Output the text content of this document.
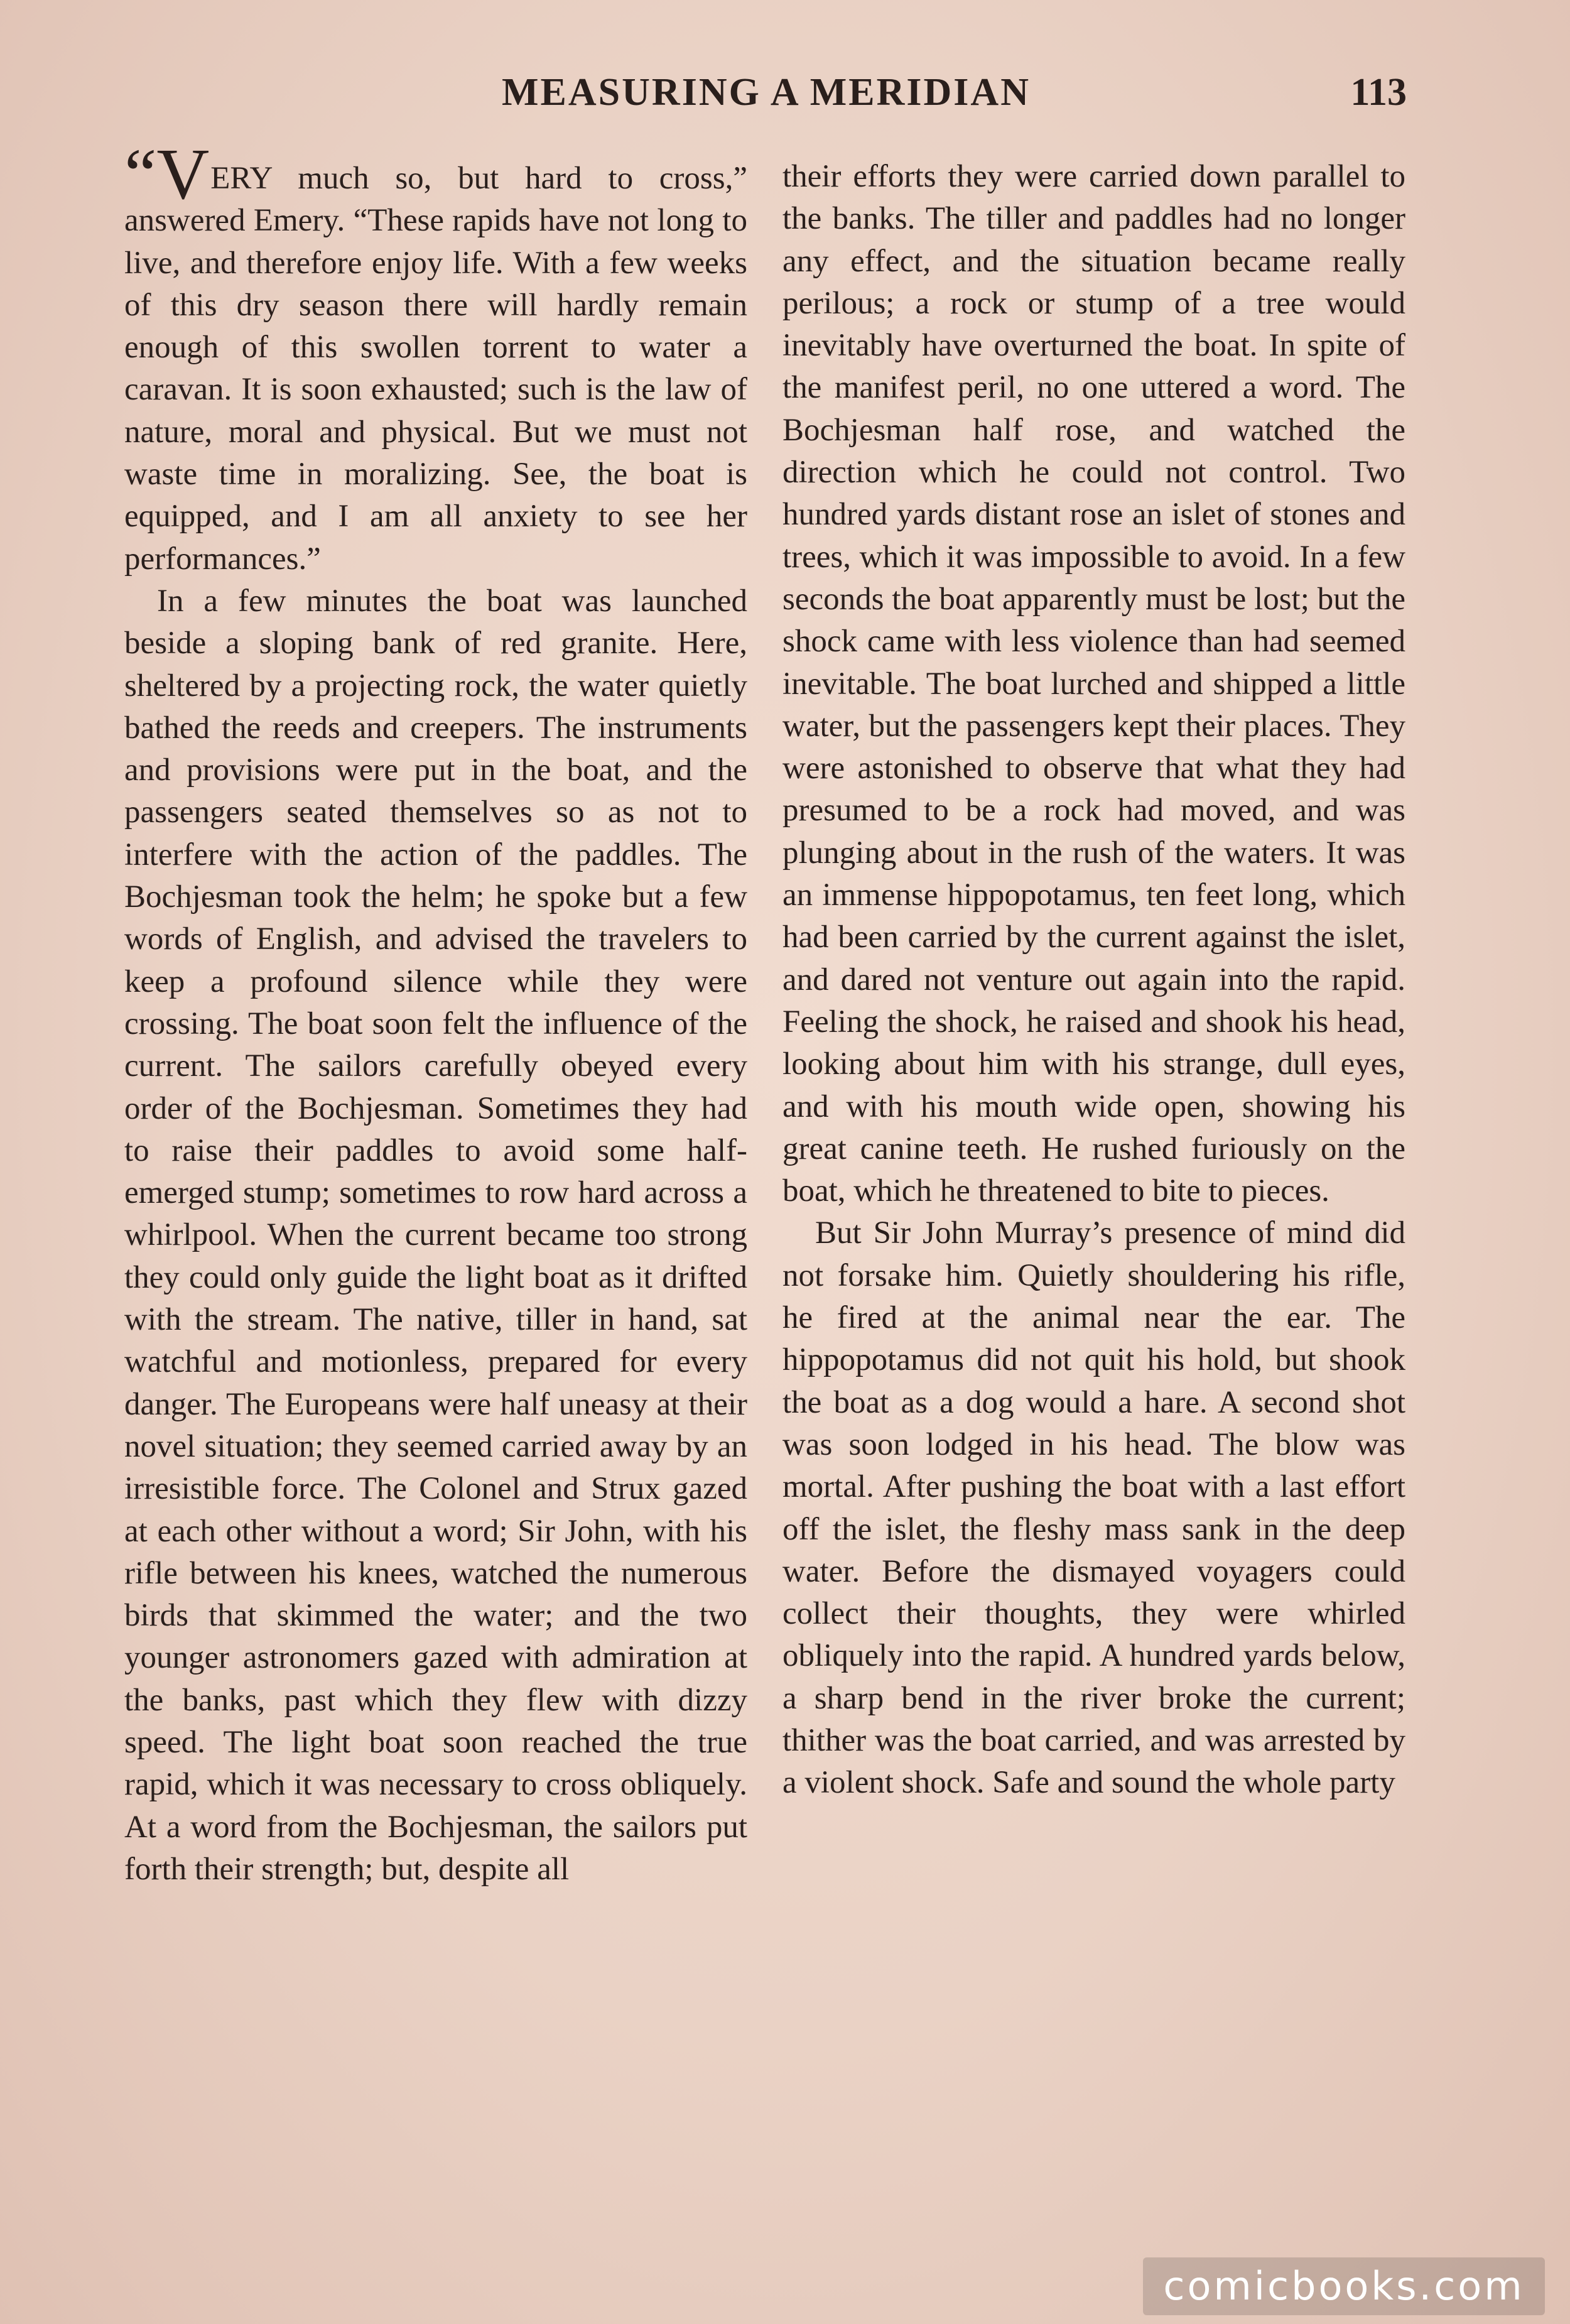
MEASURING A MERIDIAN	113

“VERY much so, but hard to cross,” answered Emery. “These rapids have not long to live, and therefore enjoy life. With a few weeks of this dry season there will hardly remain enough of this swollen torrent to water a caravan. It is soon exhausted; such is the law of nature, moral and physical. But we must not waste time in moralizing. See, the boat is equipped, and I am all anxiety to see her performances.”

In a few minutes the boat was launched beside a sloping bank of red granite. Here, sheltered by a projecting rock, the water quietly bathed the reeds and creepers. The instruments and provisions were put in the boat, and the passengers seated themselves so as not to interfere with the action of the paddles. The Bochjesman took the helm; he spoke but a few words of English, and advised the travelers to keep a profound silence while they were crossing. The boat soon felt the influence of the current. The sailors carefully obeyed every order of the Bochjesman. Sometimes they had to raise their paddles to avoid some half-emerged stump; sometimes to row hard across a whirlpool. When the current became too strong they could only guide the light boat as it drifted with the stream. The native, tiller in hand, sat watchful and motionless, prepared for every danger. The Europeans were half uneasy at their novel situation; they seemed carried away by an irresistible force. The Colonel and Strux gazed at each other without a word; Sir John, with his rifle between his knees, watched the numerous birds that skimmed the water; and the two younger astronomers gazed with admiration at the banks, past which they flew with dizzy speed. The light boat soon reached the true rapid, which it was necessary to cross obliquely. At a word from the Bochjesman, the sailors put forth their strength; but, despite all

their efforts they were carried down parallel to the banks. The tiller and paddles had no longer any effect, and the situation became really perilous; a rock or stump of a tree would inevitably have overturned the boat. In spite of the manifest peril, no one uttered a word. The Bochjesman half rose, and watched the direction which he could not control. Two hundred yards distant rose an islet of stones and trees, which it was impossible to avoid. In a few seconds the boat apparently must be lost; but the shock came with less violence than had seemed inevitable. The boat lurched and shipped a little water, but the passengers kept their places. They were astonished to observe that what they had presumed to be a rock had moved, and was plunging about in the rush of the waters. It was an immense hippopotamus, ten feet long, which had been carried by the current against the islet, and dared not venture out again into the rapid. Feeling the shock, he raised and shook his head, looking about him with his strange, dull eyes, and with his mouth wide open, showing his great canine teeth. He rushed furiously on the boat, which he threatened to bite to pieces.

But Sir John Murray’s presence of mind did not forsake him. Quietly shouldering his rifle, he fired at the animal near the ear. The hippopotamus did not quit his hold, but shook the boat as a dog would a hare. A second shot was soon lodged in his head. The blow was mortal. After pushing the boat with a last effort off the islet, the fleshy mass sank in the deep water. Before the dismayed voyagers could collect their thoughts, they were whirled obliquely into the rapid. A hundred yards below, a sharp bend in the river broke the current; thither was the boat carried, and was arrested by a violent shock. Safe and sound the whole party

comicbooks.com
